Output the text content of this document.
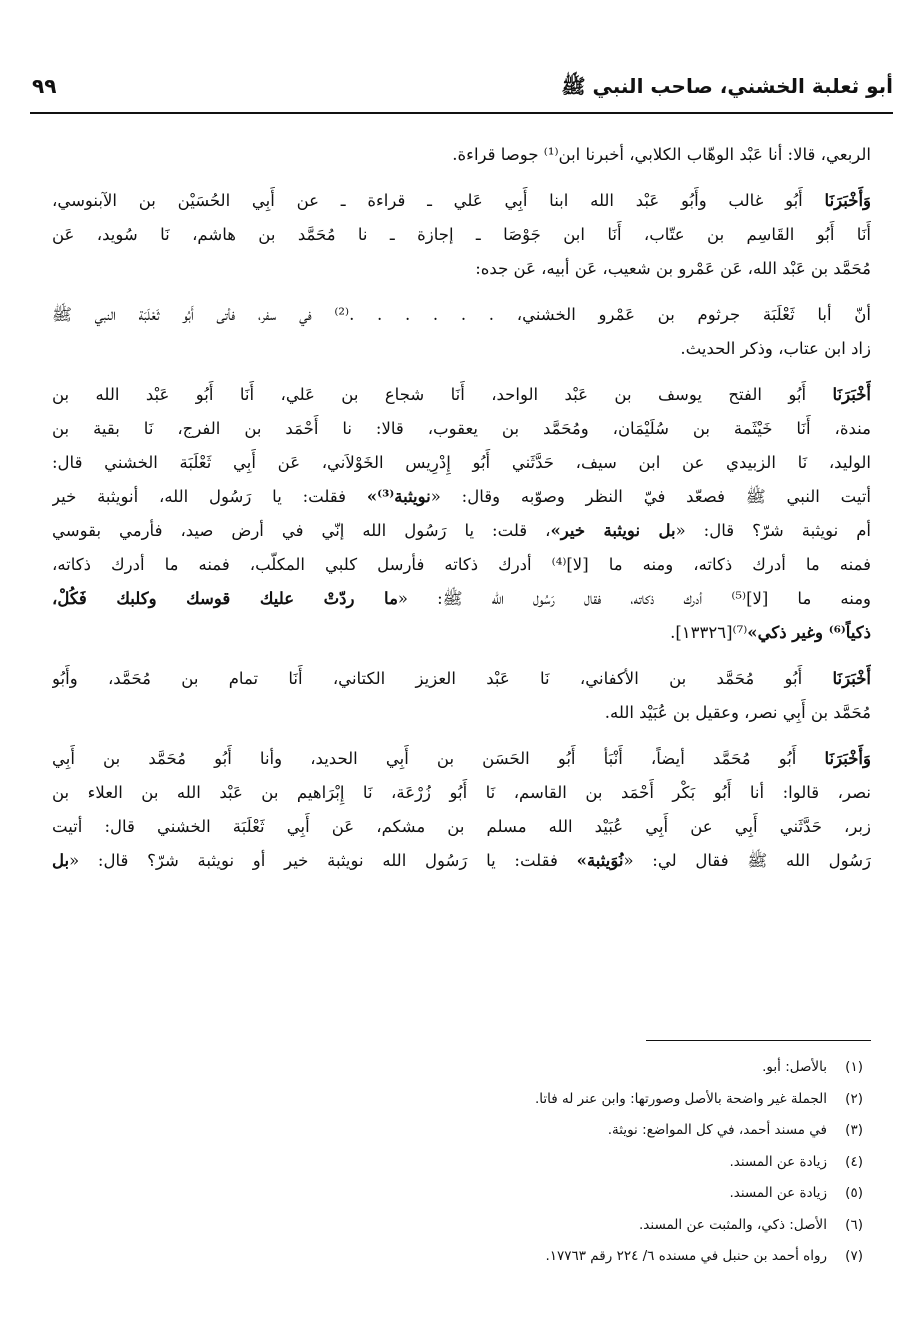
أبو ثعلبة الخشني، صاحب النبي ﷺ
٩٩

الربعي، قالا: أنا عَبْد الوهّاب الكلابي، أخبرنا ابن⁽¹⁾ جوصا قراءة.

وَأَخْبَرَنَا أَبُو غالب وأَبُو عَبْد الله ابنا أَبِي عَلي ـ قراءة ـ عن أَبِي الحُسَيْن بن الآبنوسي،
أَنَا أَبُو القَاسِم بن عتّاب، أَنَا ابن جَوْصَا ـ إجازة ـ نا مُحَمَّد بن هاشم، نَا سُويد، عَن
مُحَمَّد بن عَبْد الله، عَن عَمْرو بن شعيب، عَن أبيه، عَن جده:

أنّ أبا ثَعْلَبَة جرثوم بن عَمْرو الخشني، . . . . . .⁽²⁾ في سفر، فأتى أَبُو ثَعْلَبَة النبي ﷺ
زاد ابن عتاب، وذكر الحديث.

أَخْبَرَنَا أَبُو الفتح يوسف بن عَبْد الواحد، أَنَا شجاع بن عَلي، أَنَا أَبُو عَبْد الله بن
مندة، أَنَا خَيْثَمة بن سُلَيْمَان، ومُحَمَّد بن يعقوب، قالا: نا أَحْمَد بن الفرج، نَا بقية بن
الوليد، نَا الزبيدي عن ابن سيف، حَدَّثَني أَبُو إِدْرِيس الخَوْلاَني، عَن أَبِي ثَعْلَبَة الخشني قال:
أتيت النبي ﷺ فصعّد فيّ النظر وصوّبه وقال: «نويثبة⁽³⁾» فقلت: يا رَسُول الله، أنويثبة خير
أم نويثبة شرّ؟ قال: «بل نويثبة خير»، قلت: يا رَسُول الله إنّي في أرض صيد، فأرمي بقوسي
فمنه ما أدرك ذكاته، ومنه ما [لا]⁽⁴⁾ أدرك ذكاته فأرسل كلبي المكلّب، فمنه ما أدرك ذكاته،
ومنه ما [لا]⁽⁵⁾ أدرك ذكاته، فقال رَسُول الله ﷺ: «ما ردّتْ عليك قوسك وكلبك فَكُلْ،
ذكياً⁽⁶⁾ وغير ذكي»⁽⁷⁾[١٣٣٢٦].

أَخْبَرَنَا أَبُو مُحَمَّد بن الأكفاني، نَا عَبْد العزيز الكتاني، أَنَا تمام بن مُحَمَّد، وأَبُو
مُحَمَّد بن أَبِي نصر، وعقيل بن عُبَيْد الله.

وَأَخْبَرَنَا أَبُو مُحَمَّد أيضاً، أَنْبَأ أَبُو الحَسَن بن أَبِي الحديد، وأنا أَبُو مُحَمَّد بن أَبِي
نصر، قالوا: أنا أَبُو بَكْر أَحْمَد بن القاسم، نَا أَبُو زُرْعَة، نَا إِبْرَاهيم بن عَبْد الله بن العلاء بن
زبر، حَدَّثَني أَبِي عن أَبِي عُبَيْد الله مسلم بن مشكم، عَن أَبِي ثَعْلَبَة الخشني قال: أتيت
رَسُول الله ﷺ فقال لي: «نُوَيثبة» فقلت: يا رَسُول الله نويثبة خير أو نويثبة شرّ؟ قال: «بل

(١)بالأصل: أبو.
(٢)الجملة غير واضحة بالأصل وصورتها: وابن عنر له فاتا.
(٣)في مسند أحمد، في كل المواضع: نويثة.
(٤)زيادة عن المسند.
(٥)زيادة عن المسند.
(٦)الأصل: ذكي، والمثبت عن المسند.
(٧)رواه أحمد بن حنبل في مسنده ٦/ ٢٢٤ رقم ١٧٧٦٣.
